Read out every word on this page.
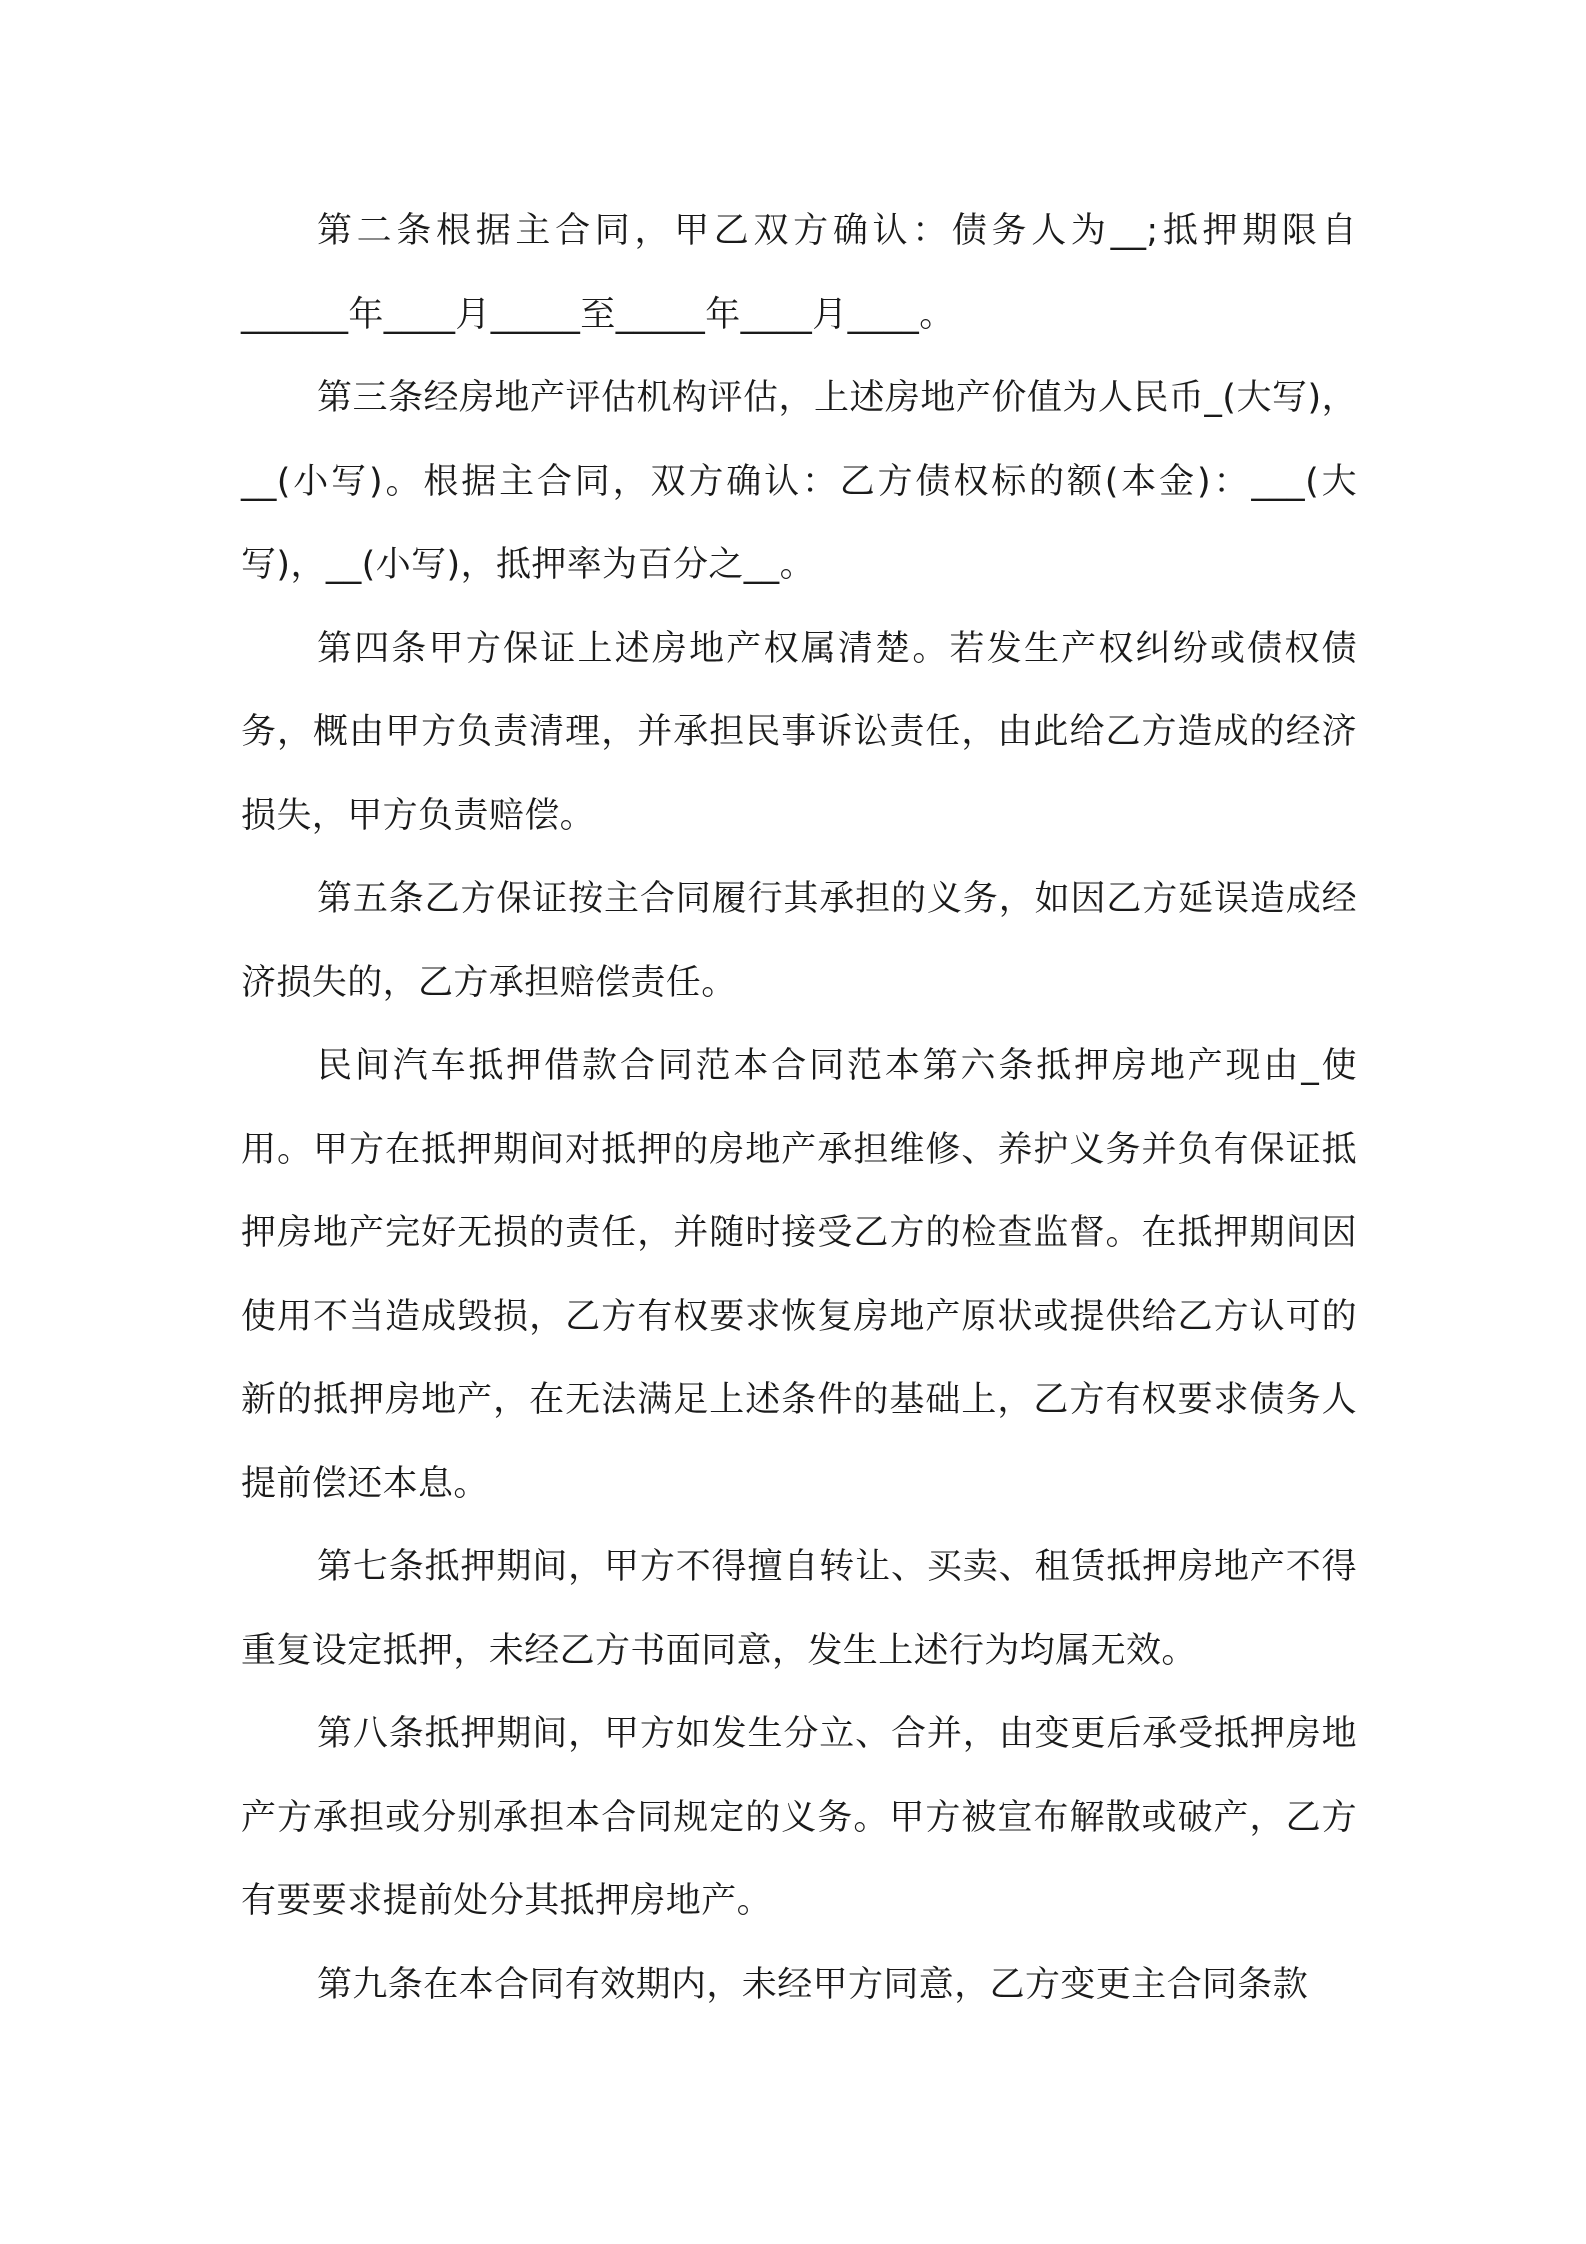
第二条根据主合同，甲乙双方确认：债务人为__;抵押期限自______年____月_____至_____年____月____。

第三条经房地产评估机构评估，上述房地产价值为人民币_(大写)，__(小写)。根据主合同，双方确认：乙方债权标的额(本金)：___(大写)，__(小写)，抵押率为百分之__。

第四条甲方保证上述房地产权属清楚。若发生产权纠纷或债权债务，概由甲方负责清理，并承担民事诉讼责任，由此给乙方造成的经济损失，甲方负责赔偿。

第五条乙方保证按主合同履行其承担的义务，如因乙方延误造成经济损失的，乙方承担赔偿责任。

民间汽车抵押借款合同范本合同范本第六条抵押房地产现由_使用。甲方在抵押期间对抵押的房地产承担维修、养护义务并负有保证抵押房地产完好无损的责任，并随时接受乙方的检查监督。在抵押期间因使用不当造成毁损，乙方有权要求恢复房地产原状或提供给乙方认可的新的抵押房地产，在无法满足上述条件的基础上，乙方有权要求债务人提前偿还本息。

第七条抵押期间，甲方不得擅自转让、买卖、租赁抵押房地产不得重复设定抵押，未经乙方书面同意，发生上述行为均属无效。

第八条抵押期间，甲方如发生分立、合并，由变更后承受抵押房地产方承担或分别承担本合同规定的义务。甲方被宣布解散或破产，乙方有要要求提前处分其抵押房地产。

第九条在本合同有效期内，未经甲方同意，乙方变更主合同条款
